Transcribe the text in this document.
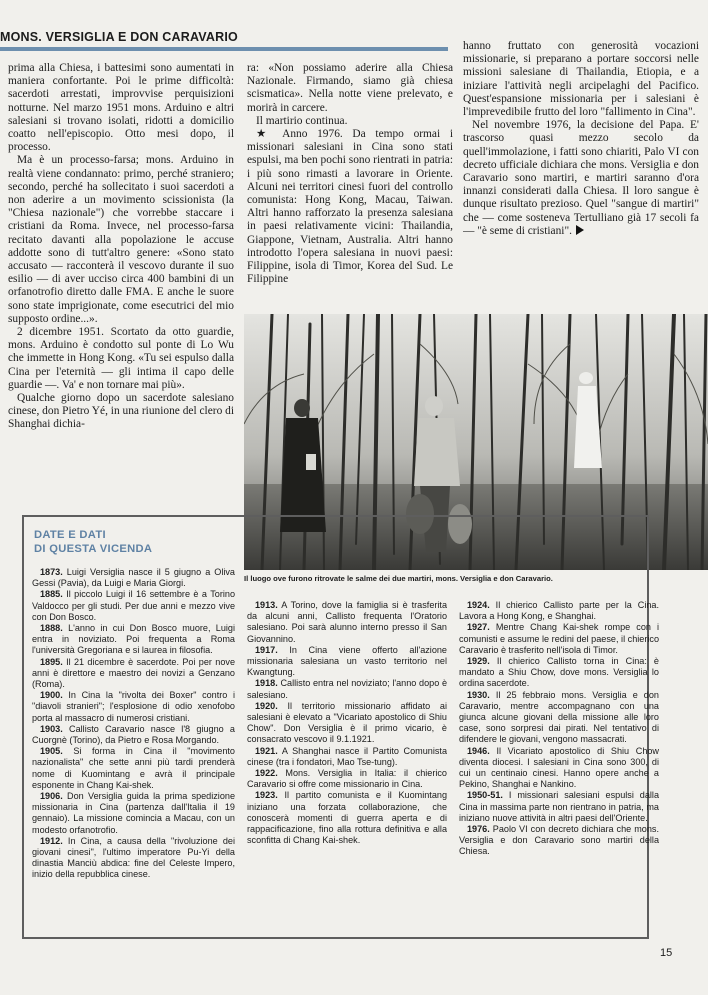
MONS. VERSIGLIA E DON CARAVARIO

prima alla Chiesa, i battesimi sono aumentati in maniera confortante. Poi le prime difficoltà: sacerdoti arrestati, improvvise perquisizioni notturne. Nel marzo 1951 mons. Arduino e altri salesiani si trovano isolati, ridotti a domicilio coatto nell'episcopio. Otto mesi dopo, il processo.

Ma è un processo-farsa; mons. Arduino in realtà viene condannato: primo, perché straniero; secondo, perché ha sollecitato i suoi sacerdoti a non aderire a un movimento scissionista (la "Chiesa nazionale") che vorrebbe staccare i cristiani da Roma. Invece, nel processo-farsa recitato davanti alla popolazione le accuse addotte sono di tutt'altro genere: «Sono stato accusato — racconterà il vescovo durante il suo esilio — di aver ucciso circa 400 bambini di un orfanotrofio diretto dalle FMA. E anche le suore sono state imprigionate, come esecutrici del mio supposto ordine...».

2 dicembre 1951. Scortato da otto guardie, mons. Arduino è condotto sul ponte di Lo Wu che immette in Hong Kong. «Tu sei espulso dalla Cina per l'eternità — gli intima il capo delle guardie —. Va' e non tornare mai più».

Qualche giorno dopo un sacerdote salesiano cinese, don Pietro Yé, in una riunione del clero di Shanghai dichia-

ra: «Non possiamo aderire alla Chiesa Nazionale. Firmando, siamo già chiesa scismatica». Nella notte viene prelevato, e morirà in carcere.

Il martirio continua.

★ Anno 1976. Da tempo ormai i missionari salesiani in Cina sono stati espulsi, ma ben pochi sono rientrati in patria: i più sono rimasti a lavorare in Oriente. Alcuni nei territori cinesi fuori del controllo comunista: Hong Kong, Macau, Taiwan. Altri hanno rafforzato la presenza salesiana in paesi relativamente vicini: Thailandia, Giappone, Vietnam, Australia. Altri hanno introdotto l'opera salesiana in nuovi paesi: Filippine, isola di Timor, Korea del Sud. Le Filippine

hanno fruttato con generosità vocazioni missionarie, si preparano a portare soccorsi nelle missioni salesiane di Thailandia, Etiopia, e a iniziare l'attività negli arcipelaghi del Pacifico. Quest'espansione missionaria per i salesiani è l'imprevedibile frutto del loro "fallimento in Cina".

Nel novembre 1976, la decisione del Papa. E' trascorso quasi mezzo secolo da quell'immolazione, i fatti sono chiariti, Palo VI con decreto ufficiale dichiara che mons. Versiglia e don Caravario sono martiri, e martiri saranno d'ora innanzi considerati dalla Chiesa. Il loro sangue è dunque risultato prezioso. Quel "sangue di martiri" che — come sosteneva Tertulliano già 17 secoli fa — "è seme di cristiani".

Il luogo ove furono ritrovate le salme dei due martiri, mons. Versiglia e don Caravario.
DATE E DATI
DI QUESTA VICENDA

1873. Luigi Versiglia nasce il 5 giugno a Oliva Gessi (Pavia), da Luigi e Maria Giorgi.

1885. Il piccolo Luigi il 16 settembre è a Torino Valdocco per gli studi. Per due anni e mezzo vive con Don Bosco.

1888. L'anno in cui Don Bosco muore, Luigi entra in noviziato. Poi frequenta a Roma l'università Gregoriana e si laurea in filosofia.

1895. Il 21 dicembre è sacerdote. Poi per nove anni è direttore e maestro dei novizi a Genzano (Roma).

1900. In Cina la "rivolta dei Boxer" contro i "diavoli stranieri"; l'esplosione di odio xenofobo porta al massacro di numerosi cristiani.

1903. Callisto Caravario nasce l'8 giugno a Cuorgnè (Torino), da Pietro e Rosa Morgando.

1905. Si forma in Cina il "movimento nazionalista" che sette anni più tardi prenderà nome di Kuomintang e avrà il principale esponente in Chang Kai-shek.

1906. Don Versiglia guida la prima spedizione missionaria in Cina (partenza dall'Italia il 19 gennaio). La missione comincia a Macau, con un modesto orfanotrofio.

1912. In Cina, a causa della "rivoluzione dei giovani cinesi", l'ultimo imperatore Pu-Yi della dinastia Manciù abdica: fine del Celeste Impero, inizio della repubblica cinese.

1913. A Torino, dove la famiglia si è trasferita da alcuni anni, Callisto frequenta l'Oratorio salesiano. Poi sarà alunno interno presso il San Giovannino.

1917. In Cina viene offerto all'azione missionaria salesiana un vasto territorio nel Kwangtung.

1918. Callisto entra nel noviziato; l'anno dopo è salesiano.

1920. Il territorio missionario affidato ai salesiani è elevato a "Vicariato apostolico di Shiu Chow". Don Versiglia è il primo vicario, è consacrato vescovo il 9.1.1921.

1921. A Shanghai nasce il Partito Comunista cinese (tra i fondatori, Mao Tse-tung).

1922. Mons. Versiglia in Italia: il chierico Caravario si offre come missionario in Cina.

1923. Il partito comunista e il Kuomintang iniziano una forzata collaborazione, che conoscerà momenti di guerra aperta e di rappacificazione, fino alla rottura definitiva e alla sconfitta di Chang Kai-shek.

1924. Il chierico Callisto parte per la Cina. Lavora a Hong Kong, e Shanghai.

1927. Mentre Chang Kai-shek rompe con i comunisti e assume le redini del paese, il chierico Caravario è trasferito nell'isola di Timor.

1929. Il chierico Callisto torna in Cina: è mandato a Shiu Chow, dove mons. Versiglia lo ordina sacerdote.

1930. Il 25 febbraio mons. Versiglia e don Caravario, mentre accompagnano con una giunca alcune giovani della missione alle loro case, sono sorpresi dai pirati. Nel tentativo di difendere le giovani, vengono massacrati.

1946. Il Vicariato apostolico di Shiu Chow diventa diocesi. I salesiani in Cina sono 300, di cui un centinaio cinesi. Hanno opere anche a Pekino, Shanghai e Nankino.

1950-51. I missionari salesiani espulsi dalla Cina in massima parte non rientrano in patria, ma iniziano nuove attività in altri paesi dell'Oriente.

1976. Paolo VI con decreto dichiara che mons. Versiglia e don Caravario sono martiri della Chiesa.

15
